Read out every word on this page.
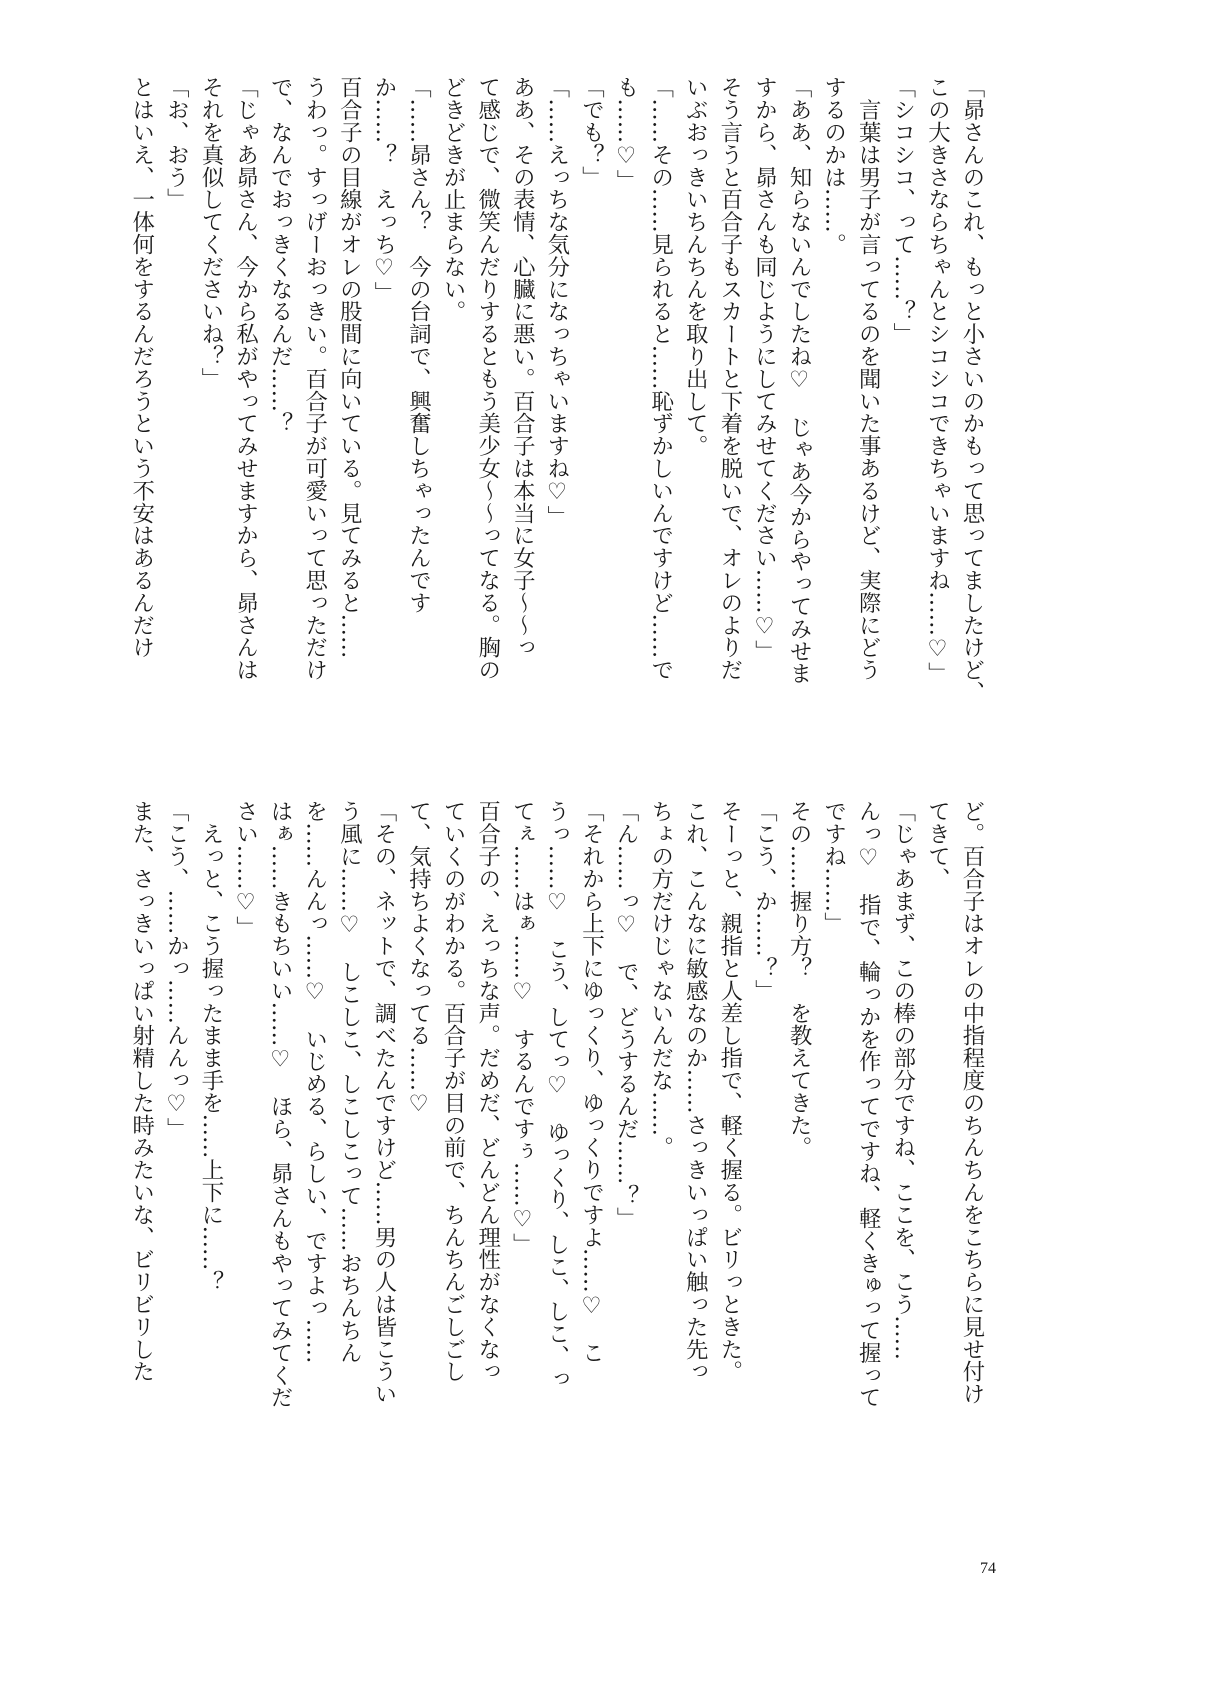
「昴さんのこれ、もっと小さいのかもって思ってましたけど、
この大きさならちゃんとシコシコできちゃいますね……♡」
「シコシコ、って……？」
　言葉は男子が言ってるのを聞いた事あるけど、実際にどう
するのかは……。
「ああ、知らないんでしたね♡　じゃあ今からやってみせま
すから、昴さんも同じようにしてみせてください……♡」
そう言うと百合子もスカートと下着を脱いで、オレのよりだ
いぶおっきいちんちんを取り出して。
「……その……見られると……恥ずかしいんですけど……で
も……♡」
「でも？」
「……えっちな気分になっちゃいますね♡」
ああ、その表情、心臓に悪い。百合子は本当に女子〜〜っ
て感じで、微笑んだりするともう美少女〜〜ってなる。胸の
どきどきが止まらない。
「……昴さん？　今の台詞で、興奮しちゃったんです
か……？　えっち♡」
百合子の目線がオレの股間に向いている。見てみると……
うわっ。すっげーおっきい。百合子が可愛いって思っただけ
で、なんでおっきくなるんだ……？
「じゃあ昴さん、今から私がやってみせますから、昴さんは
それを真似してくださいね？」
「お、おう」
とはいえ、一体何をするんだろうという不安はあるんだけ
ど。百合子はオレの中指程度のちんちんをこちらに見せ付け
てきて、
「じゃあまず、この棒の部分ですね、ここを、こう……
んっ♡　指で、輪っかを作ってですね、軽くきゅって握って
ですね……」
その……握り方？　を教えてきた。
「こう、か……？」
そーっと、親指と人差し指で、軽く握る。ビリっときた。
これ、こんなに敏感なのか……さっきいっぱい触った先っ
ちょの方だけじゃないんだな……。
「ん……っ♡　で、どうするんだ……？」
「それから上下にゆっくり、ゆっくりですよ……♡　こ
うっ……♡　こう、してっ♡　ゆっくり、しこ、しこ、っ
てぇ……はぁ……♡　するんですぅ……♡」
百合子の、えっちな声。だめだ、どんどん理性がなくなっ
ていくのがわかる。百合子が目の前で、ちんちんごしごし
て、気持ちよくなってる……♡
「その、ネットで、調べたんですけど……男の人は皆こうい
う風に……♡　しこしこ、しこしこって……おちんちん
を……んんっ……♡　いじめる、らしい、ですよっ……
はぁ……きもちいい……♡　ほら、昴さんもやってみてくだ
さい……♡」
　えっと、こう握ったまま手を……上下に……？
「こう、……かっ……んんっ♡」
また、さっきいっぱい射精した時みたいな、ビリビリした
74
